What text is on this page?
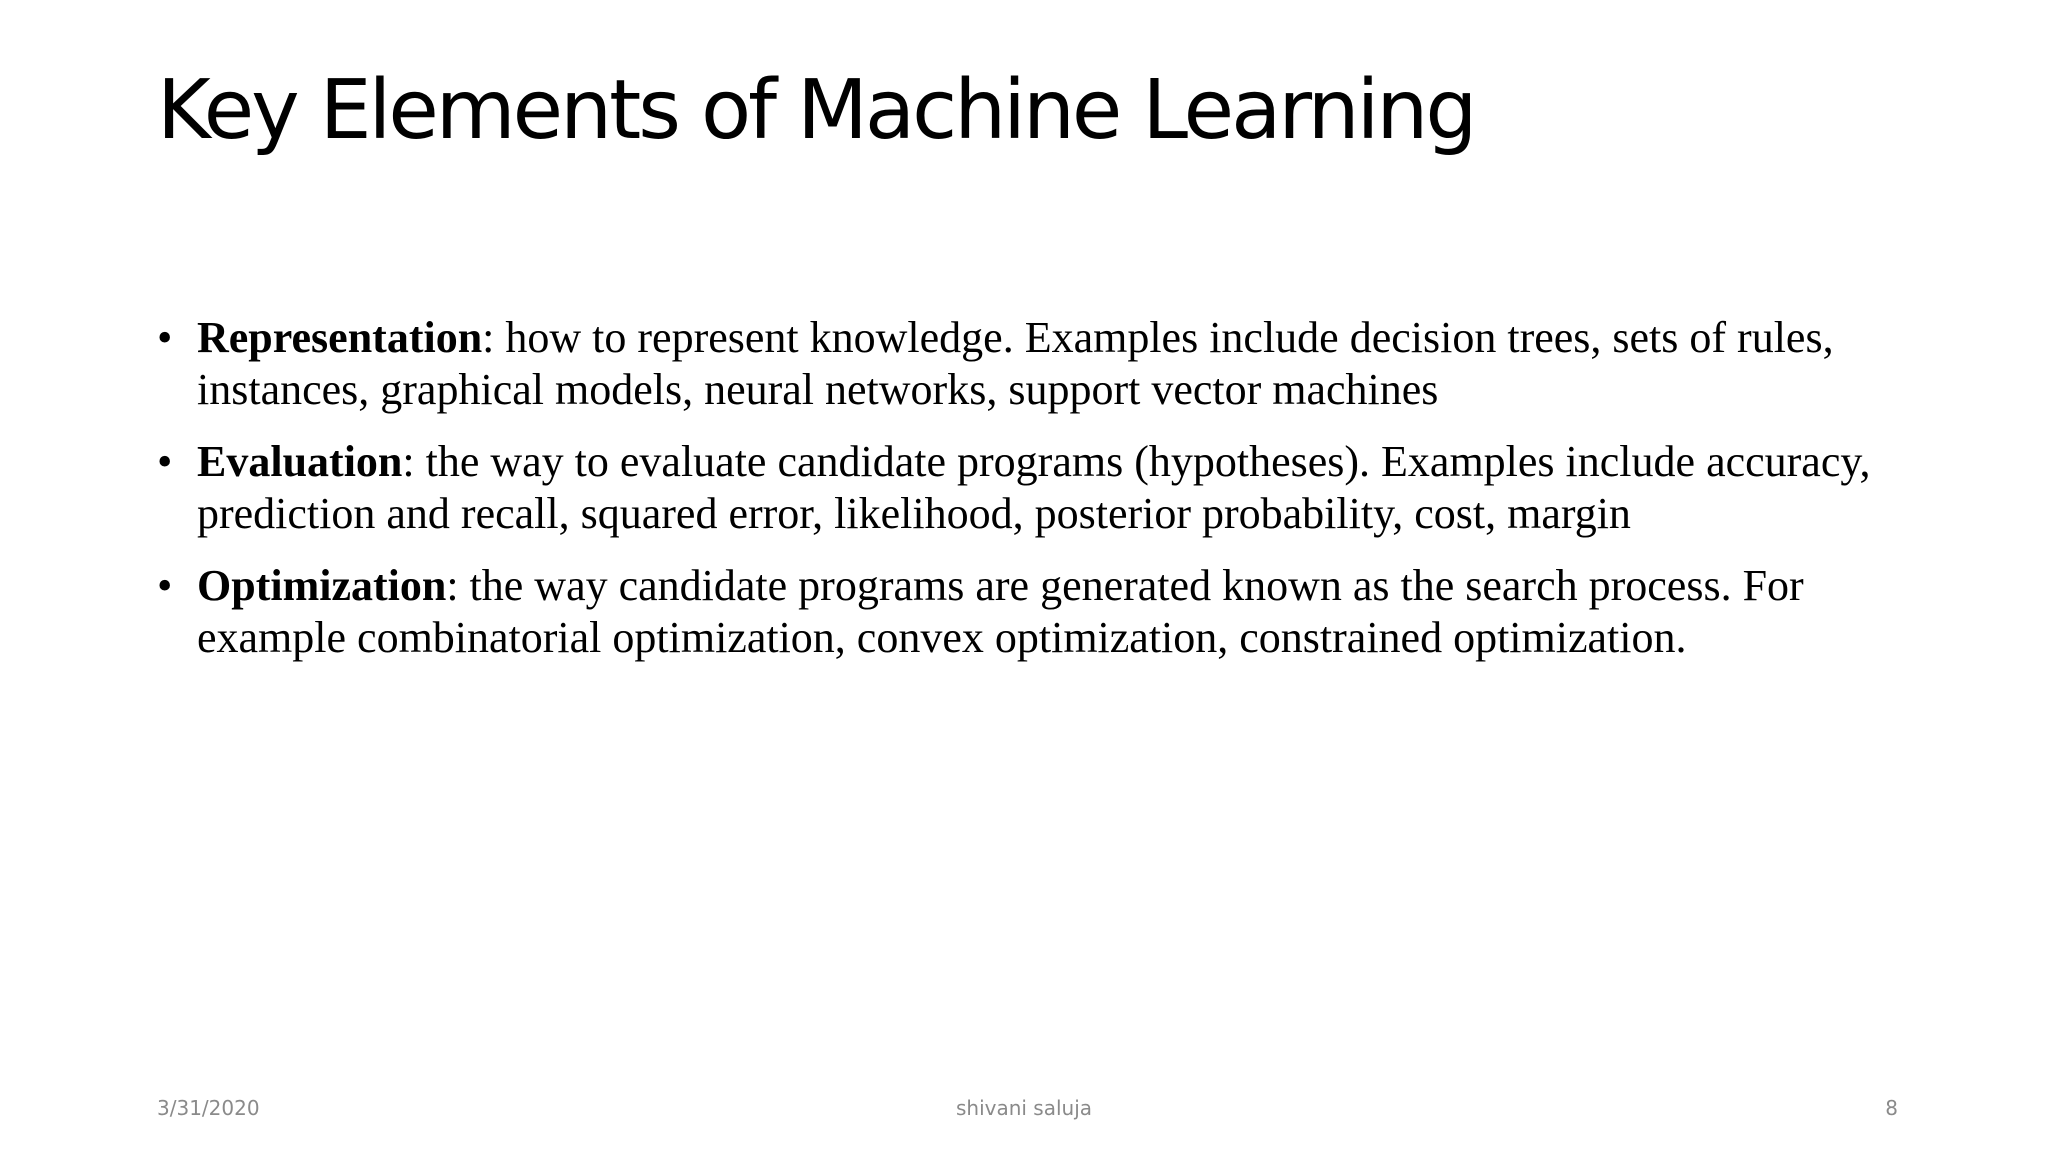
Key Elements of Machine Learning
• Representation: how to represent knowledge. Examples include decision trees, sets of rules, instances, graphical models, neural networks, support vector machines
• Evaluation: the way to evaluate candidate programs (hypotheses). Examples include accuracy, prediction and recall, squared error, likelihood, posterior probability, cost, margin
• Optimization: the way candidate programs are generated known as the search process. For example combinatorial optimization, convex optimization, constrained optimization.
3/31/2020	shivani saluja	8
